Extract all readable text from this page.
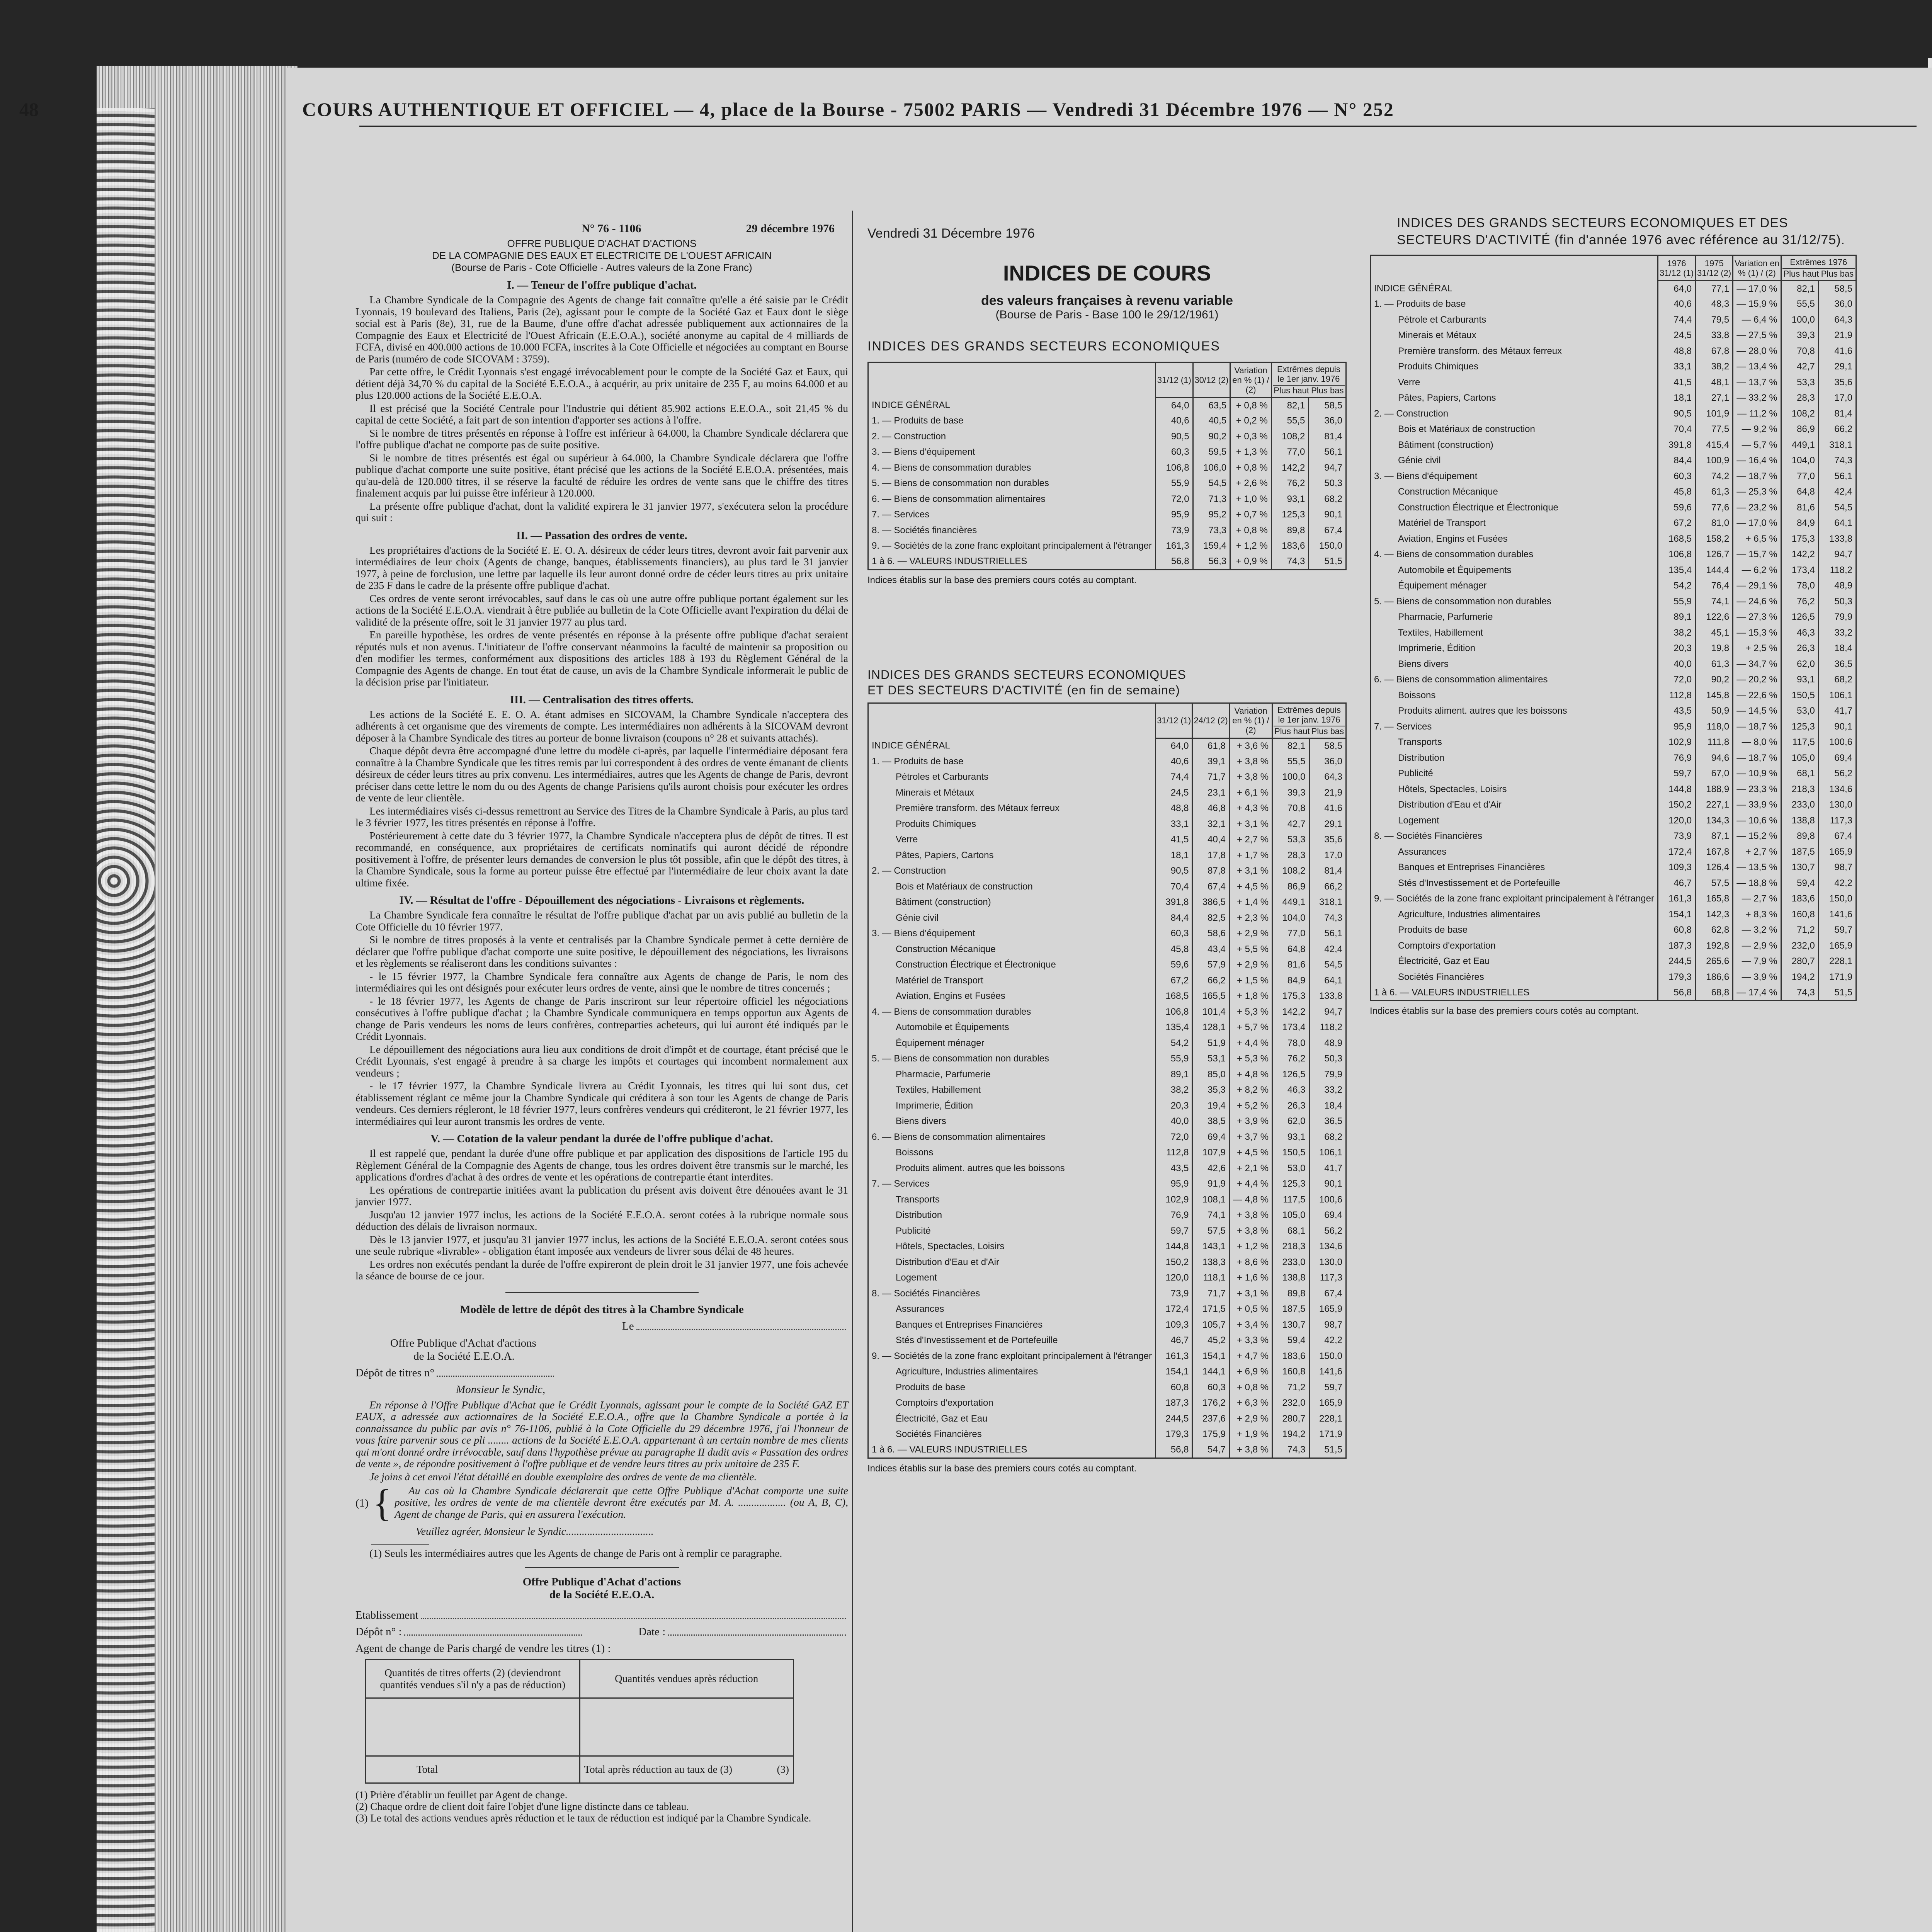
48	COURS AUTHENTIQUE ET OFFICIEL — 4, place de la Bourse - 75002 PARIS — Vendredi 31 Décembre 1976 — N° 252
N° 76 - 1106	29 décembre 1976
OFFRE PUBLIQUE D'ACHAT D'ACTIONS
DE LA COMPAGNIE DES EAUX ET ELECTRICITE DE L'OUEST AFRICAIN
(Bourse de Paris - Cote Officielle - Autres valeurs de la Zone Franc)
I. — Teneur de l'offre publique d'achat.

La Chambre Syndicale de la Compagnie des Agents de change fait connaître qu'elle a été saisie par le Crédit Lyonnais, 19 boulevard des Italiens, Paris (2e), agissant pour le compte de la Société Gaz et Eaux dont le siège social est à Paris (8e), 31, rue de la Baume, d'une offre d'achat adressée publiquement aux actionnaires de la Compagnie des Eaux et Electricité de l'Ouest Africain (E.E.O.A.), société anonyme au capital de 4 milliards de FCFA, divisé en 400.000 actions de 10.000 FCFA, inscrites à la Cote Officielle et négociées au comptant en Bourse de Paris (numéro de code SICOVAM : 3759).

Par cette offre, le Crédit Lyonnais s'est engagé irrévocablement pour le compte de la Société Gaz et Eaux, qui détient déjà 34,70 % du capital de la Société E.E.O.A., à acquérir, au prix unitaire de 235 F, au moins 64.000 et au plus 120.000 actions de la Société E.E.O.A.

Il est précisé que la Société Centrale pour l'Industrie qui détient 85.902 actions E.E.O.A., soit 21,45 % du capital de cette Société, a fait part de son intention d'apporter ses actions à l'offre.

Si le nombre de titres présentés en réponse à l'offre est inférieur à 64.000, la Chambre Syndicale déclarera que l'offre publique d'achat ne comporte pas de suite positive.

Si le nombre de titres présentés est égal ou supérieur à 64.000, la Chambre Syndicale déclarera que l'offre publique d'achat comporte une suite positive, étant précisé que les actions de la Société E.E.O.A. présentées, mais qu'au-delà de 120.000 titres, il se réserve la faculté de réduire les ordres de vente sans que le chiffre des titres finalement acquis par lui puisse être inférieur à 120.000.

La présente offre publique d'achat, dont la validité expirera le 31 janvier 1977, s'exécutera selon la procédure qui suit :

II. — Passation des ordres de vente.

Les propriétaires d'actions de la Société E. E. O. A. désireux de céder leurs titres, devront avoir fait parvenir aux intermédiaires de leur choix (Agents de change, banques, établissements financiers), au plus tard le 31 janvier 1977, à peine de forclusion, une lettre par laquelle ils leur auront donné ordre de céder leurs titres au prix unitaire de 235 F dans le cadre de la présente offre publique d'achat.

Ces ordres de vente seront irrévocables, sauf dans le cas où une autre offre publique portant également sur les actions de la Société E.E.O.A. viendrait à être publiée au bulletin de la Cote Officielle avant l'expiration du délai de validité de la présente offre, soit le 31 janvier 1977 au plus tard.

En pareille hypothèse, les ordres de vente présentés en réponse à la présente offre publique d'achat seraient réputés nuls et non avenus. L'initiateur de l'offre conservant néanmoins la faculté de maintenir sa proposition ou d'en modifier les termes, conformément aux dispositions des articles 188 à 193 du Règlement Général de la Compagnie des Agents de change. En tout état de cause, un avis de la Chambre Syndicale informerait le public de la décision prise par l'initiateur.

III. — Centralisation des titres offerts.

Les actions de la Société E. E. O. A. étant admises en SICOVAM, la Chambre Syndicale n'acceptera des adhérents à cet organisme que des virements de compte. Les intermédiaires non adhérents à la SICOVAM devront déposer à la Chambre Syndicale des titres au porteur de bonne livraison (coupons n° 28 et suivants attachés).

Chaque dépôt devra être accompagné d'une lettre du modèle ci-après, par laquelle l'intermédiaire déposant fera connaître à la Chambre Syndicale que les titres remis par lui correspondent à des ordres de vente émanant de clients désireux de céder leurs titres au prix convenu. Les intermédiaires, autres que les Agents de change de Paris, devront préciser dans cette lettre le nom du ou des Agents de change Parisiens qu'ils auront choisis pour exécuter les ordres de vente de leur clientèle.

Les intermédiaires visés ci-dessus remettront au Service des Titres de la Chambre Syndicale à Paris, au plus tard le 3 février 1977, les titres présentés en réponse à l'offre.

Postérieurement à cette date du 3 février 1977, la Chambre Syndicale n'acceptera plus de dépôt de titres. Il est recommandé, en conséquence, aux propriétaires de certificats nominatifs qui auront décidé de répondre positivement à l'offre, de présenter leurs demandes de conversion le plus tôt possible, afin que le dépôt des titres, à la Chambre Syndicale, sous la forme au porteur puisse être effectué par l'intermédiaire de leur choix avant la date ultime fixée.

IV. — Résultat de l'offre - Dépouillement des négociations - Livraisons et règlements.

La Chambre Syndicale fera connaître le résultat de l'offre publique d'achat par un avis publié au bulletin de la Cote Officielle du 10 février 1977.

Si le nombre de titres proposés à la vente et centralisés par la Chambre Syndicale permet à cette dernière de déclarer que l'offre publique d'achat comporte une suite positive, le dépouillement des négociations, les livraisons et les règlements se réaliseront dans les conditions suivantes :

- le 15 février 1977, la Chambre Syndicale fera connaître aux Agents de change de Paris, le nom des intermédiaires qui les ont désignés pour exécuter leurs ordres de vente, ainsi que le nombre de titres concernés ;

- le 18 février 1977, les Agents de change de Paris inscriront sur leur répertoire officiel les négociations consécutives à l'offre publique d'achat ; la Chambre Syndicale communiquera en temps opportun aux Agents de change de Paris vendeurs les noms de leurs confrères, contreparties acheteurs, qui lui auront été indiqués par le Crédit Lyonnais.

Le dépouillement des négociations aura lieu aux conditions de droit d'impôt et de courtage, étant précisé que le Crédit Lyonnais, s'est engagé à prendre à sa charge les impôts et courtages qui incombent normalement aux vendeurs ;

- le 17 février 1977, la Chambre Syndicale livrera au Crédit Lyonnais, les titres qui lui sont dus, cet établissement réglant ce même jour la Chambre Syndicale qui créditera à son tour les Agents de change de Paris vendeurs. Ces derniers régleront, le 18 février 1977, leurs confrères vendeurs qui créditeront, le 21 février 1977, les intermédiaires qui leur auront transmis les ordres de vente.

V. — Cotation de la valeur pendant la durée de l'offre publique d'achat.

Il est rappelé que, pendant la durée d'une offre publique et par application des dispositions de l'article 195 du Règlement Général de la Compagnie des Agents de change, tous les ordres doivent être transmis sur le marché, les applications d'ordres d'achat à des ordres de vente et les opérations de contrepartie étant interdites.

Les opérations de contrepartie initiées avant la publication du présent avis doivent être dénouées avant le 31 janvier 1977.

Jusqu'au 12 janvier 1977 inclus, les actions de la Société E.E.O.A. seront cotées à la rubrique normale sous déduction des délais de livraison normaux.

Dès le 13 janvier 1977, et jusqu'au 31 janvier 1977 inclus, les actions de la Société E.E.O.A. seront cotées sous une seule rubrique «livrable» - obligation étant imposée aux vendeurs de livrer sous délai de 48 heures.

Les ordres non exécutés pendant la durée de l'offre expireront de plein droit le 31 janvier 1977, une fois achevée la séance de bourse de ce jour.

Modèle de lettre de dépôt des titres à la Chambre Syndicale
Le
Offre Publique d'Achat d'actions
de la Société E.E.O.A.
Dépôt de titres n°
Monsieur le Syndic,

En réponse à l'Offre Publique d'Achat que le Crédit Lyonnais, agissant pour le compte de la Société GAZ ET EAUX, a adressée aux actionnaires de la Société E.E.O.A., offre que la Chambre Syndicale a portée à la connaissance du public par avis n° 76-1106, publié à la Cote Officielle du 29 décembre 1976, j'ai l'honneur de vous faire parvenir sous ce pli ........ actions de la Société E.E.O.A. appartenant à un certain nombre de mes clients qui m'ont donné ordre irrévocable, sauf dans l'hypothèse prévue au paragraphe II dudit avis « Passation des ordres de vente », de répondre positivement à l'offre publique et de vendre leurs titres au prix unitaire de 235 F.

Je joins à cet envoi l'état détaillé en double exemplaire des ordres de vente de ma clientèle.

(1) {	Au cas où la Chambre Syndicale déclarerait que cette Offre Publique d'Achat comporte une suite positive, les ordres de vente de ma clientèle devront être exécutés par M. A. .................. (ou A, B, C), Agent de change de Paris, qui en assurera l'exécution.

Veuillez agréer, Monsieur le Syndic.................................

(1) Seuls les intermédiaires autres que les Agents de change de Paris ont à remplir ce paragraphe.

Offre Publique d'Achat d'actions
de la Société E.E.O.A.
Etablissement
Dépôt n° :	Date :
Agent de change de Paris chargé de vendre les titres (1) :
Quantités de titres offerts (2) (deviendront quantités vendues s'il n'y a pas de réduction)	Quantités vendues après réduction

Total	Total après réduction au taux de (3) (3)
(1) Prière d'établir un feuillet par Agent de change.
(2) Chaque ordre de client doit faire l'objet d'une ligne distincte dans ce tableau.
(3) Le total des actions vendues après réduction et le taux de réduction est indiqué par la Chambre Syndicale.
Vendredi 31 Décembre 1976
INDICES DE COURS
des valeurs françaises à revenu variable
(Bourse de Paris - Base 100 le 29/12/1961)
INDICES DES GRANDS SECTEURS ECONOMIQUES
	31/12 (1)	30/12 (2)	Variation en % (1) / (2)	Extrêmes depuis le 1er janv. 1976
Plus haut Plus bas	

INDICE GÉNÉRAL	64,0	63,5	+ 0,8 %	82,1	58,5
1. — Produits de base	40,6	40,5	+ 0,2 %	55,5	36,0
2. — Construction	90,5	90,2	+ 0,3 %	108,2	81,4
3. — Biens d'équipement	60,3	59,5	+ 1,3 %	77,0	56,1
4. — Biens de consommation durables	106,8	106,0	+ 0,8 %	142,2	94,7
5. — Biens de consommation non durables	55,9	54,5	+ 2,6 %	76,2	50,3
6. — Biens de consommation alimentaires	72,0	71,3	+ 1,0 %	93,1	68,2
7. — Services	95,9	95,2	+ 0,7 %	125,3	90,1
8. — Sociétés financières	73,9	73,3	+ 0,8 %	89,8	67,4
9. — Sociétés de la zone franc exploitant principalement à l'étranger	161,3	159,4	+ 1,2 %	183,6	150,0
1 à 6. — VALEURS INDUSTRIELLES	56,8	56,3	+ 0,9 %	74,3	51,5
Indices établis sur la base des premiers cours cotés au comptant.
INDICES DES GRANDS SECTEURS ECONOMIQUES
ET DES SECTEURS D'ACTIVITÉ (en fin de semaine)
	31/12 (1)	24/12 (2)	Variation en % (1) / (2)	Extrêmes depuis le 1er janv. 1976
Plus haut Plus bas	

INDICE GÉNÉRAL	64,0	61,8	+ 3,6 %	82,1	58,5
1. — Produits de base	40,6	39,1	+ 3,8 %	55,5	36,0
Pétroles et Carburants	74,4	71,7	+ 3,8 %	100,0	64,3
Minerais et Métaux	24,5	23,1	+ 6,1 %	39,3	21,9
Première transform. des Métaux ferreux	48,8	46,8	+ 4,3 %	70,8	41,6
Produits Chimiques	33,1	32,1	+ 3,1 %	42,7	29,1
Verre	41,5	40,4	+ 2,7 %	53,3	35,6
Pâtes, Papiers, Cartons	18,1	17,8	+ 1,7 %	28,3	17,0
2. — Construction	90,5	87,8	+ 3,1 %	108,2	81,4
Bois et Matériaux de construction	70,4	67,4	+ 4,5 %	86,9	66,2
Bâtiment (construction)	391,8	386,5	+ 1,4 %	449,1	318,1
Génie civil	84,4	82,5	+ 2,3 %	104,0	74,3
3. — Biens d'équipement	60,3	58,6	+ 2,9 %	77,0	56,1
Construction Mécanique	45,8	43,4	+ 5,5 %	64,8	42,4
Construction Électrique et Électronique	59,6	57,9	+ 2,9 %	81,6	54,5
Matériel de Transport	67,2	66,2	+ 1,5 %	84,9	64,1
Aviation, Engins et Fusées	168,5	165,5	+ 1,8 %	175,3	133,8
4. — Biens de consommation durables	106,8	101,4	+ 5,3 %	142,2	94,7
Automobile et Équipements	135,4	128,1	+ 5,7 %	173,4	118,2
Équipement ménager	54,2	51,9	+ 4,4 %	78,0	48,9
5. — Biens de consommation non durables	55,9	53,1	+ 5,3 %	76,2	50,3
Pharmacie, Parfumerie	89,1	85,0	+ 4,8 %	126,5	79,9
Textiles, Habillement	38,2	35,3	+ 8,2 %	46,3	33,2
Imprimerie, Édition	20,3	19,4	+ 5,2 %	26,3	18,4
Biens divers	40,0	38,5	+ 3,9 %	62,0	36,5
6. — Biens de consommation alimentaires	72,0	69,4	+ 3,7 %	93,1	68,2
Boissons	112,8	107,9	+ 4,5 %	150,5	106,1
Produits aliment. autres que les boissons	43,5	42,6	+ 2,1 %	53,0	41,7
7. — Services	95,9	91,9	+ 4,4 %	125,3	90,1
Transports	102,9	108,1	— 4,8 %	117,5	100,6
Distribution	76,9	74,1	+ 3,8 %	105,0	69,4
Publicité	59,7	57,5	+ 3,8 %	68,1	56,2
Hôtels, Spectacles, Loisirs	144,8	143,1	+ 1,2 %	218,3	134,6
Distribution d'Eau et d'Air	150,2	138,3	+ 8,6 %	233,0	130,0
Logement	120,0	118,1	+ 1,6 %	138,8	117,3
8. — Sociétés Financières	73,9	71,7	+ 3,1 %	89,8	67,4
Assurances	172,4	171,5	+ 0,5 %	187,5	165,9
Banques et Entreprises Financières	109,3	105,7	+ 3,4 %	130,7	98,7
Stés d'Investissement et de Portefeuille	46,7	45,2	+ 3,3 %	59,4	42,2
9. — Sociétés de la zone franc exploitant principalement à l'étranger	161,3	154,1	+ 4,7 %	183,6	150,0
Agriculture, Industries alimentaires	154,1	144,1	+ 6,9 %	160,8	141,6
Produits de base	60,8	60,3	+ 0,8 %	71,2	59,7
Comptoirs d'exportation	187,3	176,2	+ 6,3 %	232,0	165,9
Électricité, Gaz et Eau	244,5	237,6	+ 2,9 %	280,7	228,1
Sociétés Financières	179,3	175,9	+ 1,9 %	194,2	171,9
1 à 6. — VALEURS INDUSTRIELLES	56,8	54,7	+ 3,8 %	74,3	51,5
Indices établis sur la base des premiers cours cotés au comptant.
INDICES DES GRANDS SECTEURS ECONOMIQUES ET DES SECTEURS D'ACTIVITÉ (fin d'année 1976 avec référence au 31/12/75).
	1976 31/12 (1)	1975 31/12 (2)	Variation en % (1) / (2)	Extrêmes 1976
Plus haut Plus bas	

INDICE GÉNÉRAL	64,0	77,1	— 17,0 %	82,1	58,5
1. — Produits de base	40,6	48,3	— 15,9 %	55,5	36,0
Pétrole et Carburants	74,4	79,5	— 6,4 %	100,0	64,3
Minerais et Métaux	24,5	33,8	— 27,5 %	39,3	21,9
Première transform. des Métaux ferreux	48,8	67,8	— 28,0 %	70,8	41,6
Produits Chimiques	33,1	38,2	— 13,4 %	42,7	29,1
Verre	41,5	48,1	— 13,7 %	53,3	35,6
Pâtes, Papiers, Cartons	18,1	27,1	— 33,2 %	28,3	17,0
2. — Construction	90,5	101,9	— 11,2 %	108,2	81,4
Bois et Matériaux de construction	70,4	77,5	— 9,2 %	86,9	66,2
Bâtiment (construction)	391,8	415,4	— 5,7 %	449,1	318,1
Génie civil	84,4	100,9	— 16,4 %	104,0	74,3
3. — Biens d'équipement	60,3	74,2	— 18,7 %	77,0	56,1
Construction Mécanique	45,8	61,3	— 25,3 %	64,8	42,4
Construction Électrique et Électronique	59,6	77,6	— 23,2 %	81,6	54,5
Matériel de Transport	67,2	81,0	— 17,0 %	84,9	64,1
Aviation, Engins et Fusées	168,5	158,2	+ 6,5 %	175,3	133,8
4. — Biens de consommation durables	106,8	126,7	— 15,7 %	142,2	94,7
Automobile et Équipements	135,4	144,4	— 6,2 %	173,4	118,2
Équipement ménager	54,2	76,4	— 29,1 %	78,0	48,9
5. — Biens de consommation non durables	55,9	74,1	— 24,6 %	76,2	50,3
Pharmacie, Parfumerie	89,1	122,6	— 27,3 %	126,5	79,9
Textiles, Habillement	38,2	45,1	— 15,3 %	46,3	33,2
Imprimerie, Édition	20,3	19,8	+ 2,5 %	26,3	18,4
Biens divers	40,0	61,3	— 34,7 %	62,0	36,5
6. — Biens de consommation alimentaires	72,0	90,2	— 20,2 %	93,1	68,2
Boissons	112,8	145,8	— 22,6 %	150,5	106,1
Produits aliment. autres que les boissons	43,5	50,9	— 14,5 %	53,0	41,7
7. — Services	95,9	118,0	— 18,7 %	125,3	90,1
Transports	102,9	111,8	— 8,0 %	117,5	100,6
Distribution	76,9	94,6	— 18,7 %	105,0	69,4
Publicité	59,7	67,0	— 10,9 %	68,1	56,2
Hôtels, Spectacles, Loisirs	144,8	188,9	— 23,3 %	218,3	134,6
Distribution d'Eau et d'Air	150,2	227,1	— 33,9 %	233,0	130,0
Logement	120,0	134,3	— 10,6 %	138,8	117,3
8. — Sociétés Financières	73,9	87,1	— 15,2 %	89,8	67,4
Assurances	172,4	167,8	+ 2,7 %	187,5	165,9
Banques et Entreprises Financières	109,3	126,4	— 13,5 %	130,7	98,7
Stés d'Investissement et de Portefeuille	46,7	57,5	— 18,8 %	59,4	42,2
9. — Sociétés de la zone franc exploitant principalement à l'étranger	161,3	165,8	— 2,7 %	183,6	150,0
Agriculture, Industries alimentaires	154,1	142,3	+ 8,3 %	160,8	141,6
Produits de base	60,8	62,8	— 3,2 %	71,2	59,7
Comptoirs d'exportation	187,3	192,8	— 2,9 %	232,0	165,9
Électricité, Gaz et Eau	244,5	265,6	— 7,9 %	280,7	228,1
Sociétés Financières	179,3	186,6	— 3,9 %	194,2	171,9
1 à 6. — VALEURS INDUSTRIELLES	56,8	68,8	— 17,4 %	74,3	51,5
Indices établis sur la base des premiers cours cotés au comptant.
